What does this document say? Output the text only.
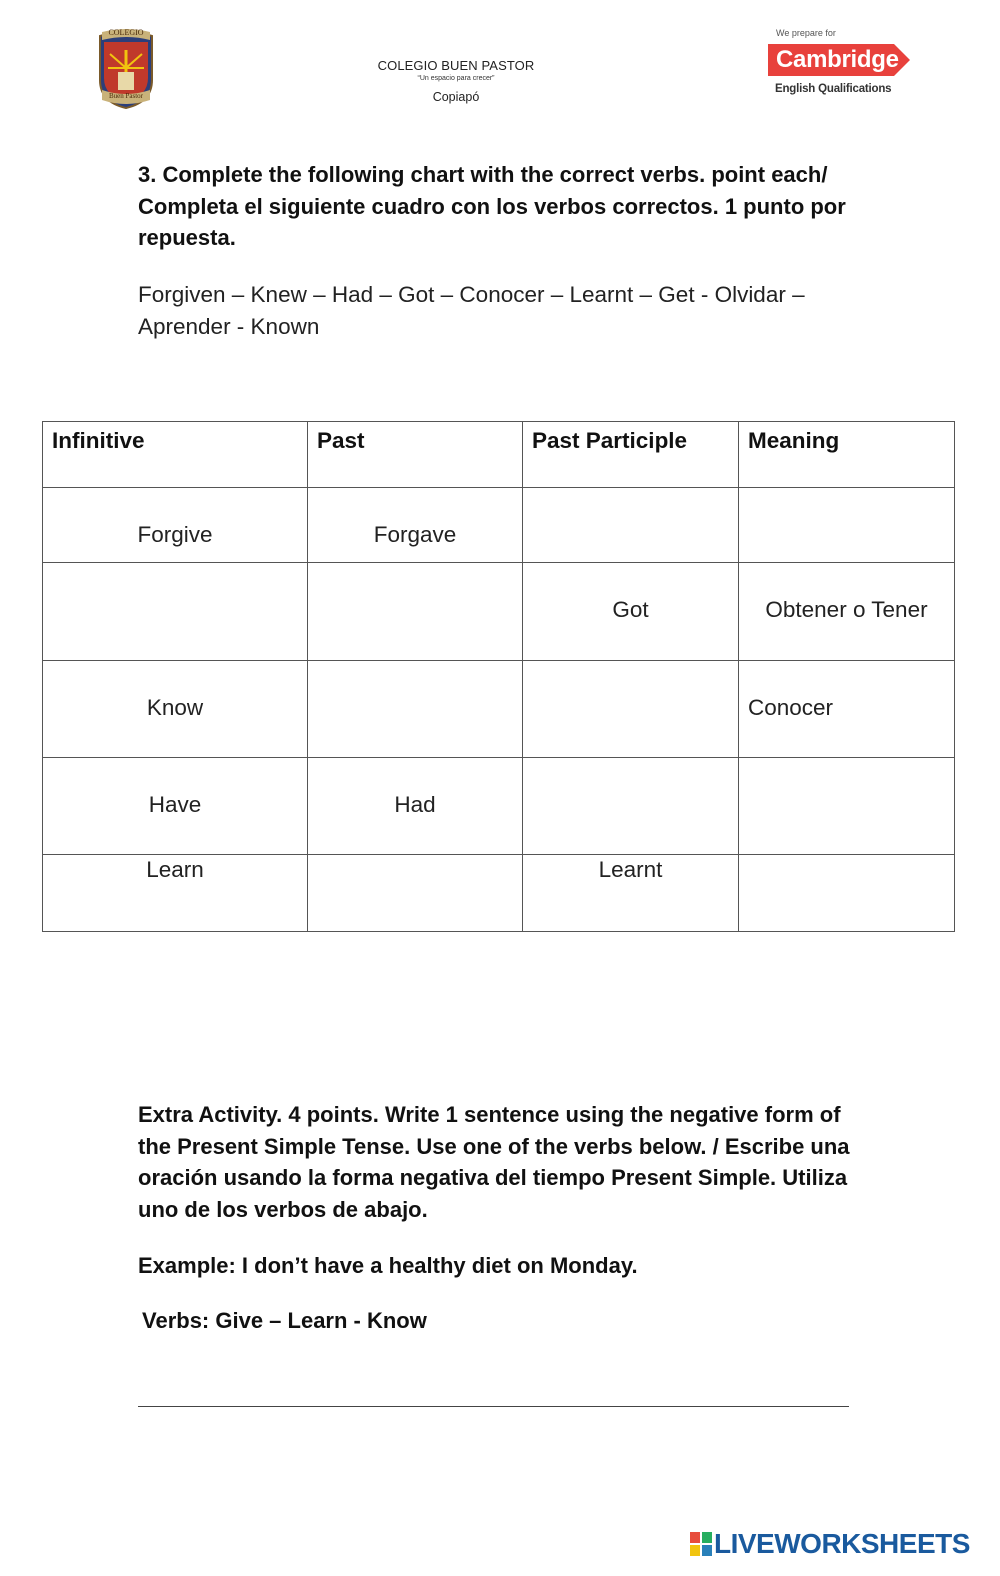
COLEGIO
Buen Pastor
COLEGIO BUEN PASTOR
“Un espacio para crecer”
Copiapó
We prepare for
Cambridge
English Qualifications
3. Complete the following chart with the correct verbs. point each/ Completa el siguiente cuadro con los verbos correctos. 1 punto por repuesta.
Forgiven – Knew – Had – Got – Conocer – Learnt – Get - Olvidar – Aprender - Known
Infinitive	Past	Past Participle	Meaning

Forgive	Forgave		

		Got	Obtener o Tener

Know			Conocer

Have	Had		

Learn		Learnt	

Extra Activity. 4 points. Write 1 sentence using the negative form of the Present Simple Tense. Use one of the verbs below. / Escribe una oración usando la forma negativa del tiempo Present Simple. Utiliza uno de los verbos de abajo.
Example: I don’t have a healthy diet on Monday.
Verbs: Give – Learn - Know
LIVEWORKSHEETS
